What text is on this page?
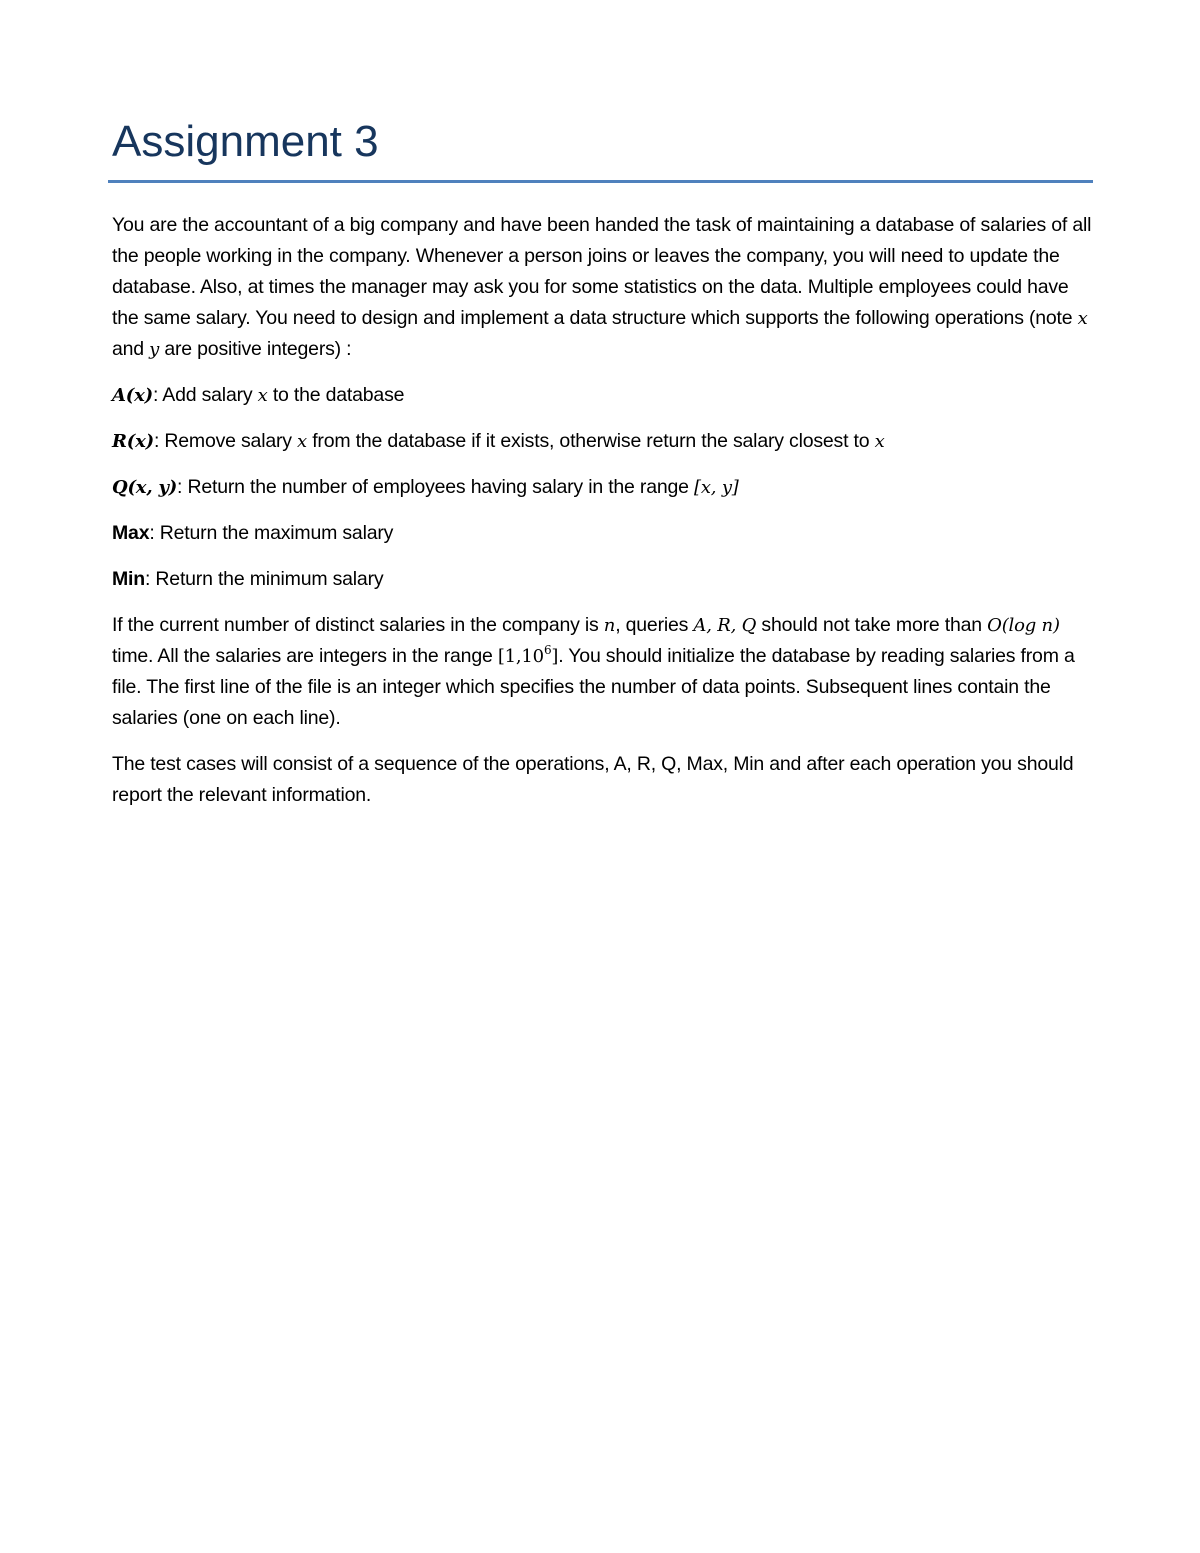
Assignment 3

You are the accountant of a big company and have been handed the task of maintaining a database of salaries of all the people working in the company. Whenever a person joins or leaves the company, you will need to update the database. Also, at times the manager may ask you for some statistics on the data. Multiple employees could have the same salary. You need to design and implement a data structure which supports the following operations (note x and y are positive integers) :

A(x): Add salary x to the database

R(x): Remove salary x from the database if it exists, otherwise return the salary closest to x

Q(x, y): Return the number of employees having salary in the range [x, y]

Max: Return the maximum salary

Min: Return the minimum salary

If the current number of distinct salaries in the company is n, queries A, R, Q should not take more than O(log n) time. All the salaries are integers in the range [1,10$^6$]. You should initialize the database by reading salaries from a file. The first line of the file is an integer which specifies the number of data points. Subsequent lines contain the salaries (one on each line).

The test cases will consist of a sequence of the operations, A, R, Q, Max, Min and after each operation you should report the relevant information.
